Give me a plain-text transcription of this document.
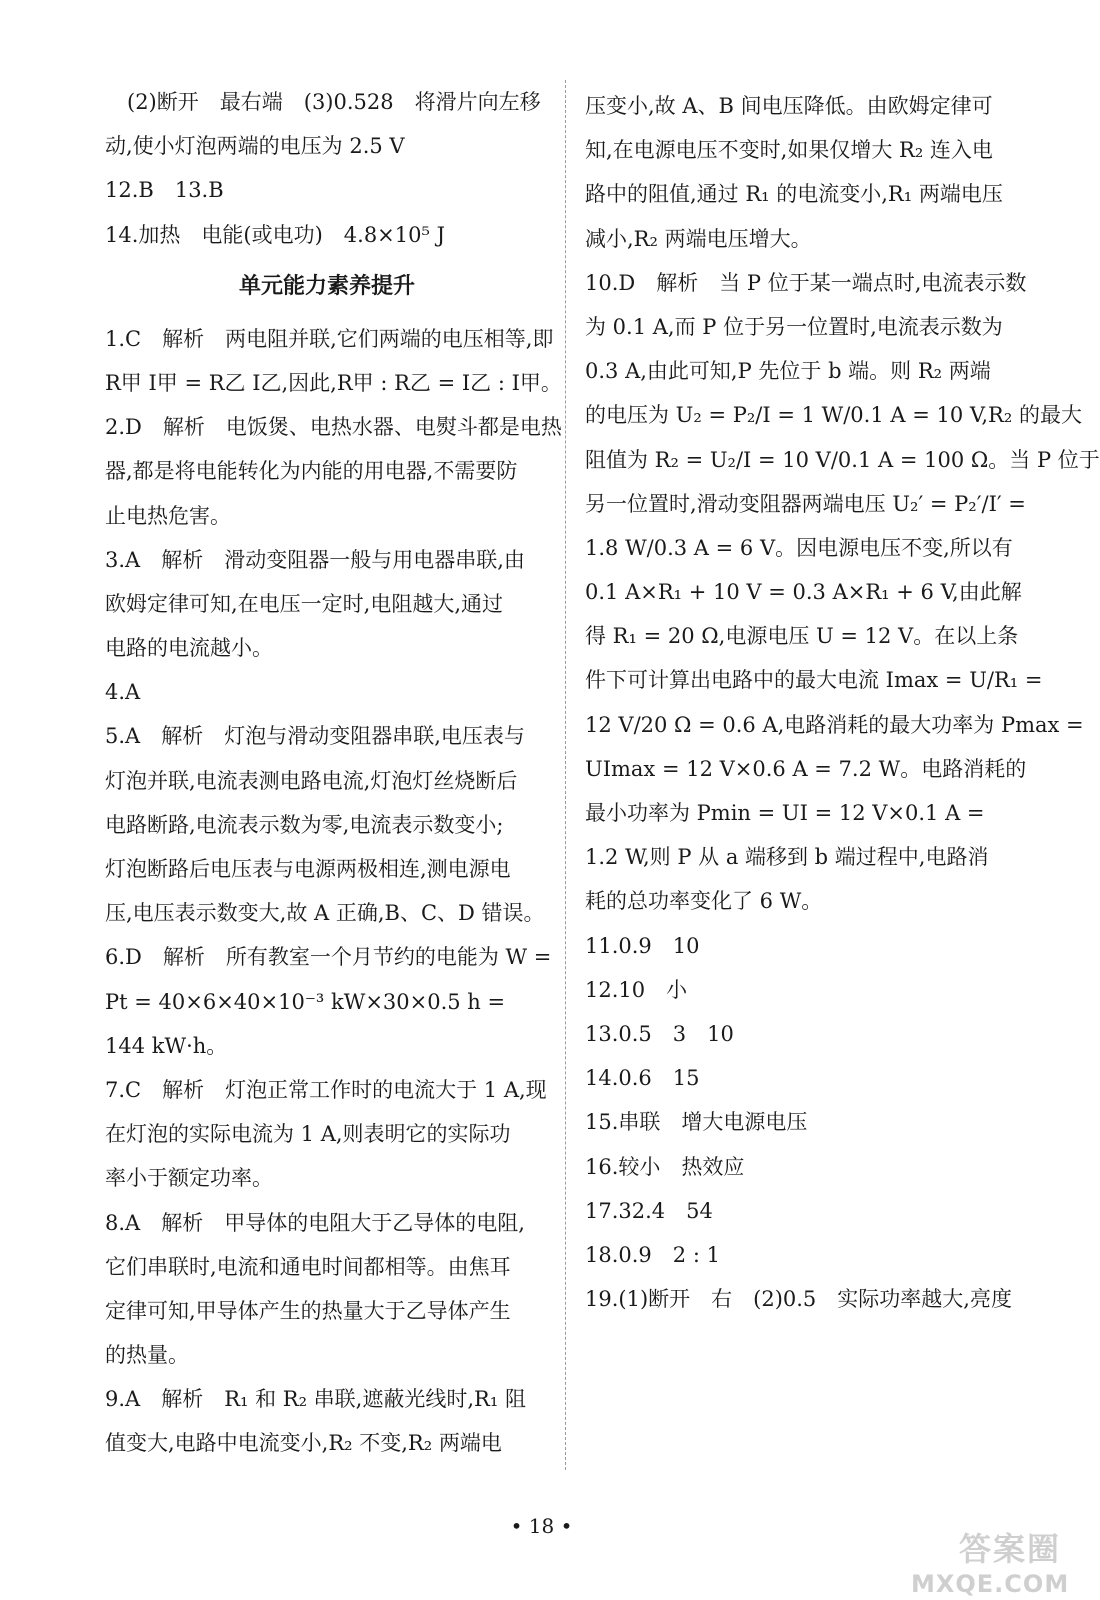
(2)断开　最右端　(3)0.528　将滑片向左移
动,使小灯泡两端的电压为 2.5 V
12.B　13.B
14.加热　电能(或电功)　4.8×10⁵ J
单元能力素养提升
1.C　解析　两电阻并联,它们两端的电压相等,即
R甲 I甲 = R乙 I乙,因此,R甲 : R乙 = I乙 : I甲。
2.D　解析　电饭煲、电热水器、电熨斗都是电热
器,都是将电能转化为内能的用电器,不需要防
止电热危害。
3.A　解析　滑动变阻器一般与用电器串联,由
欧姆定律可知,在电压一定时,电阻越大,通过
电路的电流越小。
4.A
5.A　解析　灯泡与滑动变阻器串联,电压表与
灯泡并联,电流表测电路电流,灯泡灯丝烧断后
电路断路,电流表示数为零,电流表示数变小;
灯泡断路后电压表与电源两极相连,测电源电
压,电压表示数变大,故 A 正确,B、C、D 错误。
6.D　解析　所有教室一个月节约的电能为 W =
Pt = 40×6×40×10⁻³ kW×30×0.5 h =
144 kW·h。
7.C　解析　灯泡正常工作时的电流大于 1 A,现
在灯泡的实际电流为 1 A,则表明它的实际功
率小于额定功率。
8.A　解析　甲导体的电阻大于乙导体的电阻,
它们串联时,电流和通电时间都相等。由焦耳
定律可知,甲导体产生的热量大于乙导体产生
的热量。
9.A　解析　R₁ 和 R₂ 串联,遮蔽光线时,R₁ 阻
值变大,电路中电流变小,R₂ 不变,R₂ 两端电
压变小,故 A、B 间电压降低。由欧姆定律可
知,在电源电压不变时,如果仅增大 R₂ 连入电
路中的阻值,通过 R₁ 的电流变小,R₁ 两端电压
减小,R₂ 两端电压增大。
10.D　解析　当 P 位于某一端点时,电流表示数
为 0.1 A,而 P 位于另一位置时,电流表示数为
0.3 A,由此可知,P 先位于 b 端。则 R₂ 两端
的电压为 U₂ = P₂/I = 1 W/0.1 A = 10 V,R₂ 的最大
阻值为 R₂ = U₂/I = 10 V/0.1 A = 100 Ω。当 P 位于
另一位置时,滑动变阻器两端电压 U₂′ = P₂′/I′ =
1.8 W/0.3 A = 6 V。因电源电压不变,所以有
0.1 A×R₁ + 10 V = 0.3 A×R₁ + 6 V,由此解
得 R₁ = 20 Ω,电源电压 U = 12 V。在以上条
件下可计算出电路中的最大电流 Imax = U/R₁ =
12 V/20 Ω = 0.6 A,电路消耗的最大功率为 Pmax =
UImax = 12 V×0.6 A = 7.2 W。电路消耗的
最小功率为 Pmin = UI = 12 V×0.1 A =
1.2 W,则 P 从 a 端移到 b 端过程中,电路消
耗的总功率变化了 6 W。
11.0.9　10
12.10　小
13.0.5　3　10
14.0.6　15
15.串联　增大电源电压
16.较小　热效应
17.32.4　54
18.0.9　2 : 1
19.(1)断开　右　(2)0.5　实际功率越大,亮度
• 18 •
答案圈
MXQE.COM
